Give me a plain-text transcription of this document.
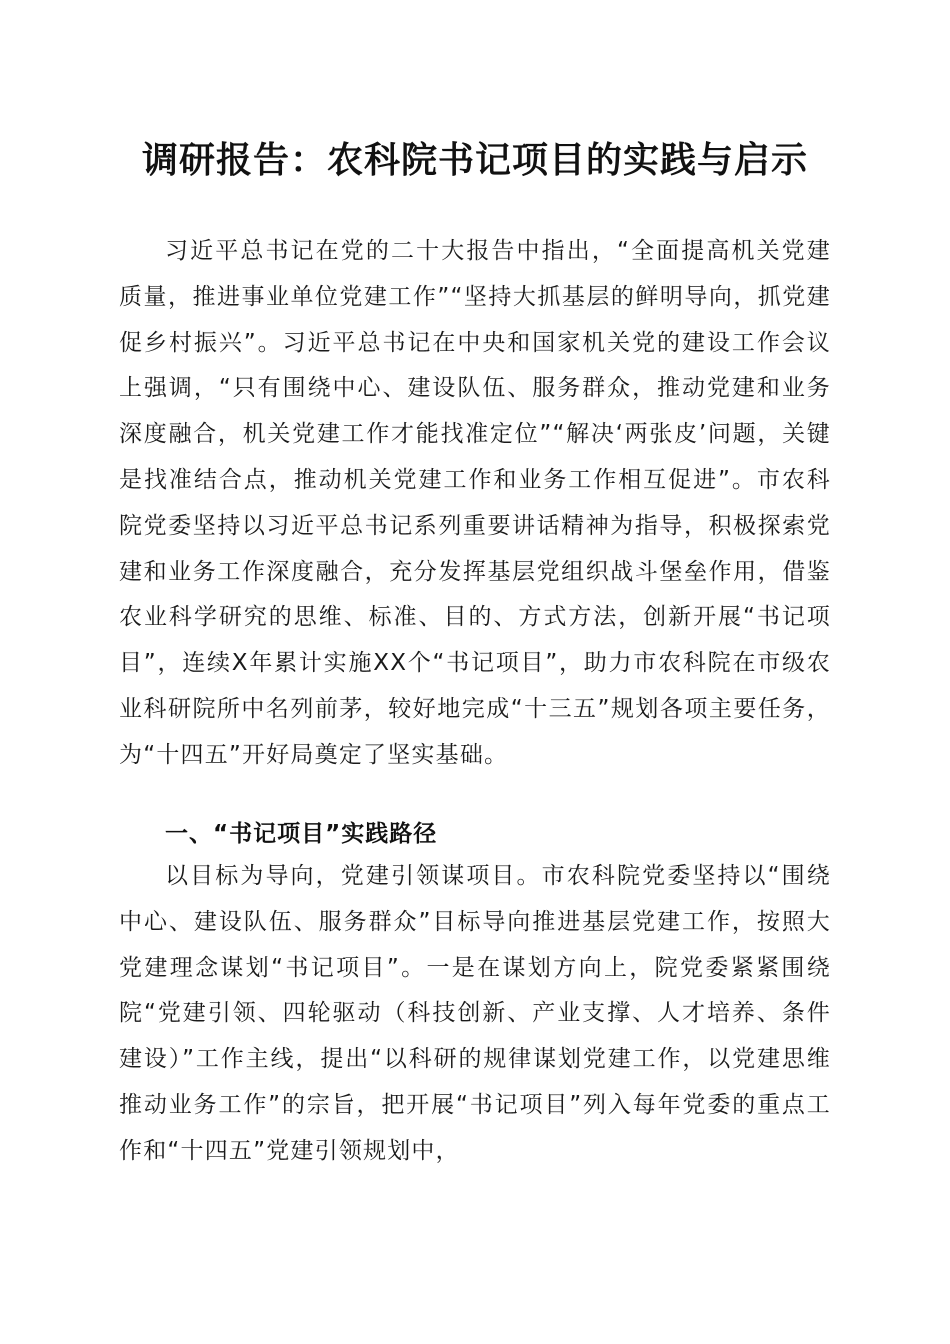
调研报告：农科院书记项目的实践与启示

习近平总书记在党的二十大报告中指出，“全面提高机关党建质量，推进事业单位党建工作”“坚持大抓基层的鲜明导向，抓党建促乡村振兴”。习近平总书记在中央和国家机关党的建设工作会议上强调，“只有围绕中心、建设队伍、服务群众，推动党建和业务深度融合，机关党建工作才能找准定位”“解决‘两张皮’问题，关键是找准结合点，推动机关党建工作和业务工作相互促进”。市农科院党委坚持以习近平总书记系列重要讲话精神为指导，积极探索党建和业务工作深度融合，充分发挥基层党组织战斗堡垒作用，借鉴农业科学研究的思维、标准、目的、方式方法，创新开展“书记项目”，连续X年累计实施XX个“书记项目”，助力市农科院在市级农业科研院所中名列前茅，较好地完成“十三五”规划各项主要任务，为“十四五”开好局奠定了坚实基础。

一、“书记项目”实践路径

以目标为导向，党建引领谋项目。市农科院党委坚持以“围绕中心、建设队伍、服务群众”目标导向推进基层党建工作，按照大党建理念谋划“书记项目”。一是在谋划方向上，院党委紧紧围绕院“党建引领、四轮驱动（科技创新、产业支撑、人才培养、条件建设）”工作主线，提出“以科研的规律谋划党建工作，以党建思维推动业务工作”的宗旨，把开展“书记项目”列入每年党委的重点工作和“十四五”党建引领规划中，
